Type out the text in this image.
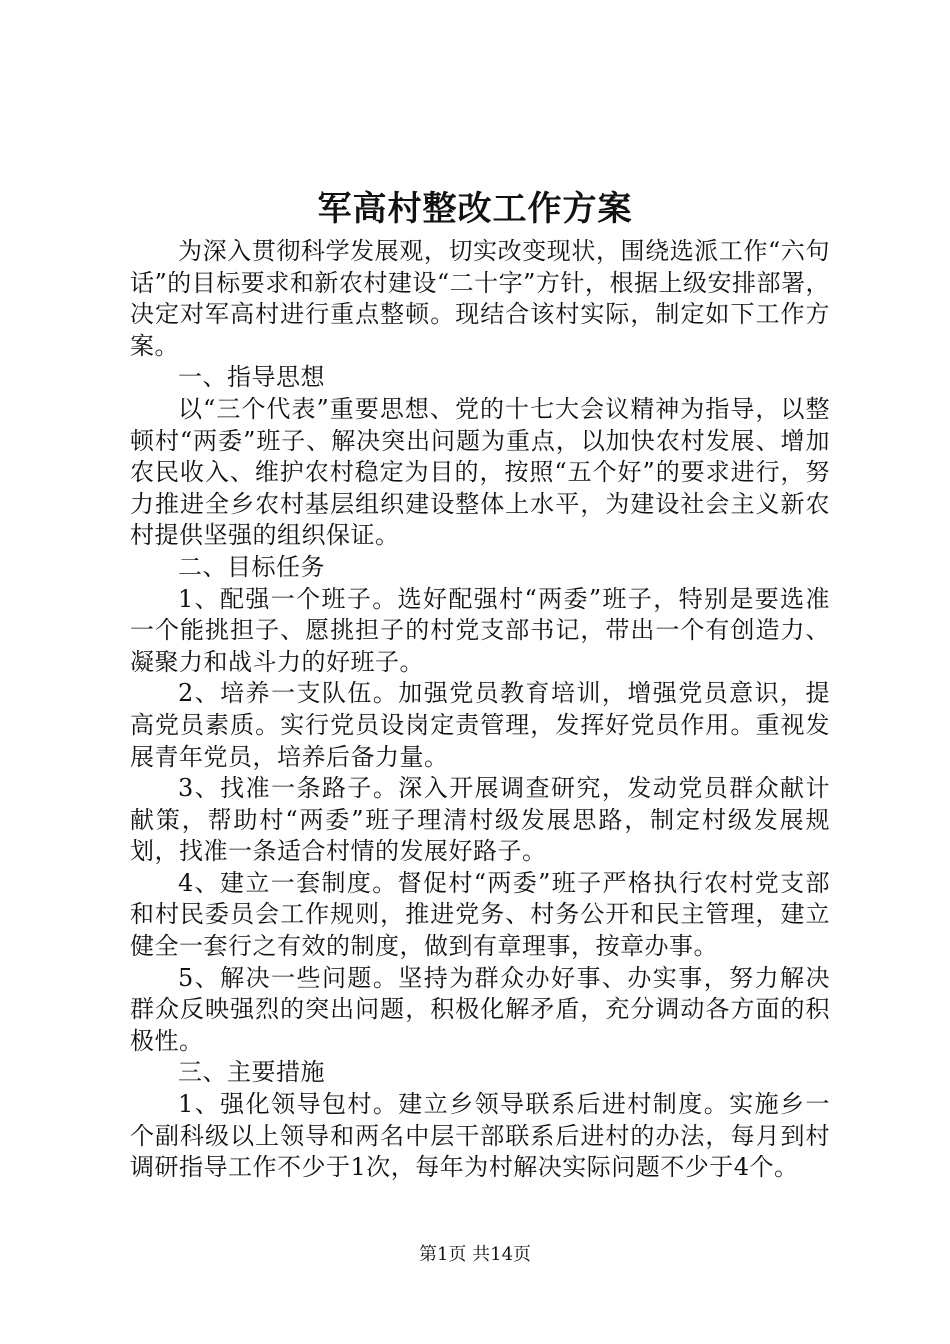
军高村整改工作方案

为深入贯彻科学发展观，切实改变现状，围绕选派工作“六句话”的目标要求和新农村建设“二十字”方针，根据上级安排部署，决定对军高村进行重点整顿。现结合该村实际，制定如下工作方案。

一、指导思想

以“三个代表”重要思想、党的十七大会议精神为指导，以整顿村“两委”班子、解决突出问题为重点，以加快农村发展、增加农民收入、维护农村稳定为目的，按照“五个好”的要求进行，努力推进全乡农村基层组织建设整体上水平，为建设社会主义新农村提供坚强的组织保证。

二、目标任务

1、配强一个班子。选好配强村“两委”班子，特别是要选准一个能挑担子、愿挑担子的村党支部书记，带出一个有创造力、凝聚力和战斗力的好班子。

2、培养一支队伍。加强党员教育培训，增强党员意识，提高党员素质。实行党员设岗定责管理，发挥好党员作用。重视发展青年党员，培养后备力量。

3、找准一条路子。深入开展调查研究，发动党员群众献计献策，帮助村“两委”班子理清村级发展思路，制定村级发展规划，找准一条适合村情的发展好路子。

4、建立一套制度。督促村“两委”班子严格执行农村党支部和村民委员会工作规则，推进党务、村务公开和民主管理，建立健全一套行之有效的制度，做到有章理事，按章办事。

5、解决一些问题。坚持为群众办好事、办实事，努力解决群众反映强烈的突出问题，积极化解矛盾，充分调动各方面的积极性。

三、主要措施

1、强化领导包村。建立乡领导联系后进村制度。实施乡一个副科级以上领导和两名中层干部联系后进村的办法，每月到村调研指导工作不少于1次，每年为村解决实际问题不少于4个。

第1页 共14页
